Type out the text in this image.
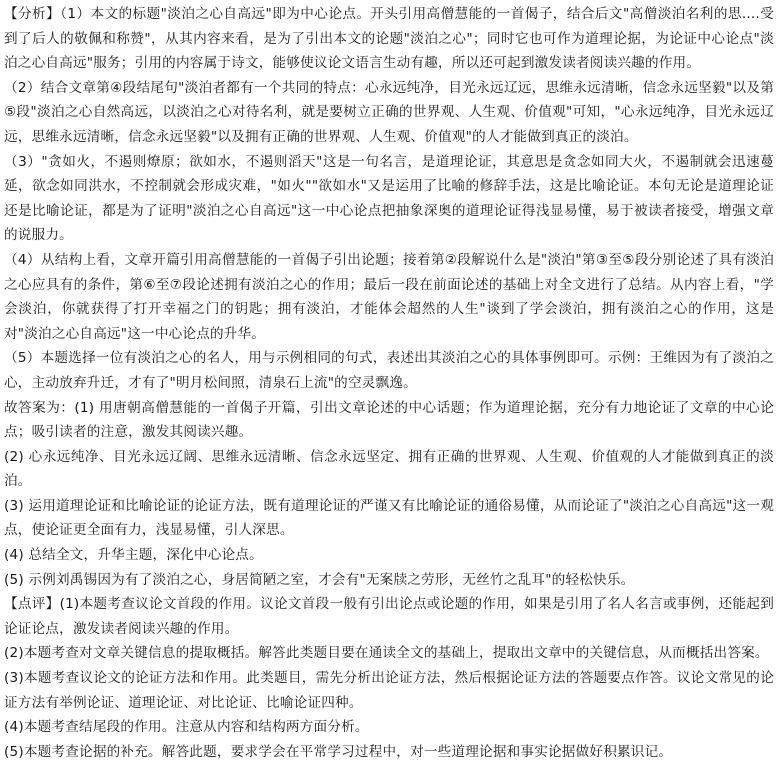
【分析】（1）本文的标题"淡泊之心自高远"即为中心论点。开头引用高僧慧能的一首偈子，结合后文"高僧淡泊名利的思....受到了后人的敬佩和称赞"，从其内容来看，是为了引出本文的论题"淡泊之心"；同时它也可作为道理论据，为论证中心论点"淡泊之心自高远"服务；引用的内容属于诗文，能够使议论文语言生动有趣，所以还可起到激发读者阅读兴趣的作用。

（2）结合文章第④段结尾句"淡泊者都有一个共同的特点：心永远纯净，目光永远辽远，思维永远清晰，信念永远坚毅"以及第⑤段"淡泊之心自然高远，以淡泊之心对待名利，就是要树立正确的世界观、人生观、价值观"可知，"心永远纯净，目光永远辽远，思维永远清晰，信念永远坚毅"以及拥有正确的世界观、人生观、价值观"的人才能做到真正的淡泊。

（3）"贪如火，不遏则燎原；欲如水，不遏则滔天"这是一句名言，是道理论证，其意思是贪念如同大火，不遏制就会迅速蔓延，欲念如同洪水，不控制就会形成灾难，"如火""欲如水"又是运用了比喻的修辞手法，这是比喻论证。本句无论是道理论证还是比喻论证，都是为了证明"淡泊之心自高远"这一中心论点把抽象深奥的道理论证得浅显易懂，易于被读者接受，增强文章的说服力。

（4）从结构上看，文章开篇引用高僧慧能的一首偈子引出论题；接着第②段解说什么是"淡泊"第③至⑤段分别论述了具有淡泊之心应具有的条件，第⑥至⑦段论述拥有淡泊之心的作用；最后一段在前面论述的基础上对全文进行了总结。从内容上看，"学会淡泊，你就获得了打开幸福之门的钥匙；拥有淡泊，才能体会超然的人生"谈到了学会淡泊，拥有淡泊之心的作用，这是对"淡泊之心自高远"这一中心论点的升华。

（5）本题选择一位有淡泊之心的名人，用与示例相同的句式，表述出其淡泊之心的具体事例即可。示例：王维因为有了淡泊之心，主动放弃升迁，才有了"明月松间照，清泉石上流"的空灵飘逸。

故答案为：(1) 用唐朝高僧慧能的一首偈子开篇，引出文章论述的中心话题；作为道理论据，充分有力地论证了文章的中心论点；吸引读者的注意，激发其阅读兴趣。

(2) 心永远纯净、目光永远辽阔、思维永远清晰、信念永远坚定、拥有正确的世界观、人生观、价值观的人才能做到真正的淡泊。

(3) 运用道理论证和比喻论证的论证方法，既有道理论证的严谨又有比喻论证的通俗易懂，从而论证了"淡泊之心自高远"这一观点，使论证更全面有力，浅显易懂，引人深思。

(4) 总结全文，升华主题，深化中心论点。

(5) 示例刘禹锡因为有了淡泊之心，身居简陋之室，才会有"无案牍之劳形，无丝竹之乱耳"的轻松快乐。

【点评】(1)本题考查议论文首段的作用。议论文首段一般有引出论点或论题的作用，如果是引用了名人名言或事例，还能起到论证论点，激发读者阅读兴趣的作用。

(2)本题考查对文章关键信息的提取概括。解答此类题目要在通读全文的基础上，提取出文章中的关键信息，从而概括出答案。

(3)本题考查议论文的论证方法和作用。此类题目，需先分析出论证方法，然后根据论证方法的答题要点作答。议论文常见的论证方法有举例论证、道理论证、对比论证、比喻论证四种。

(4)本题考查结尾段的作用。注意从内容和结构两方面分析。

(5)本题考查论据的补充。解答此题，要求学会在平常学习过程中，对一些道理论据和事实论据做好积累识记。
